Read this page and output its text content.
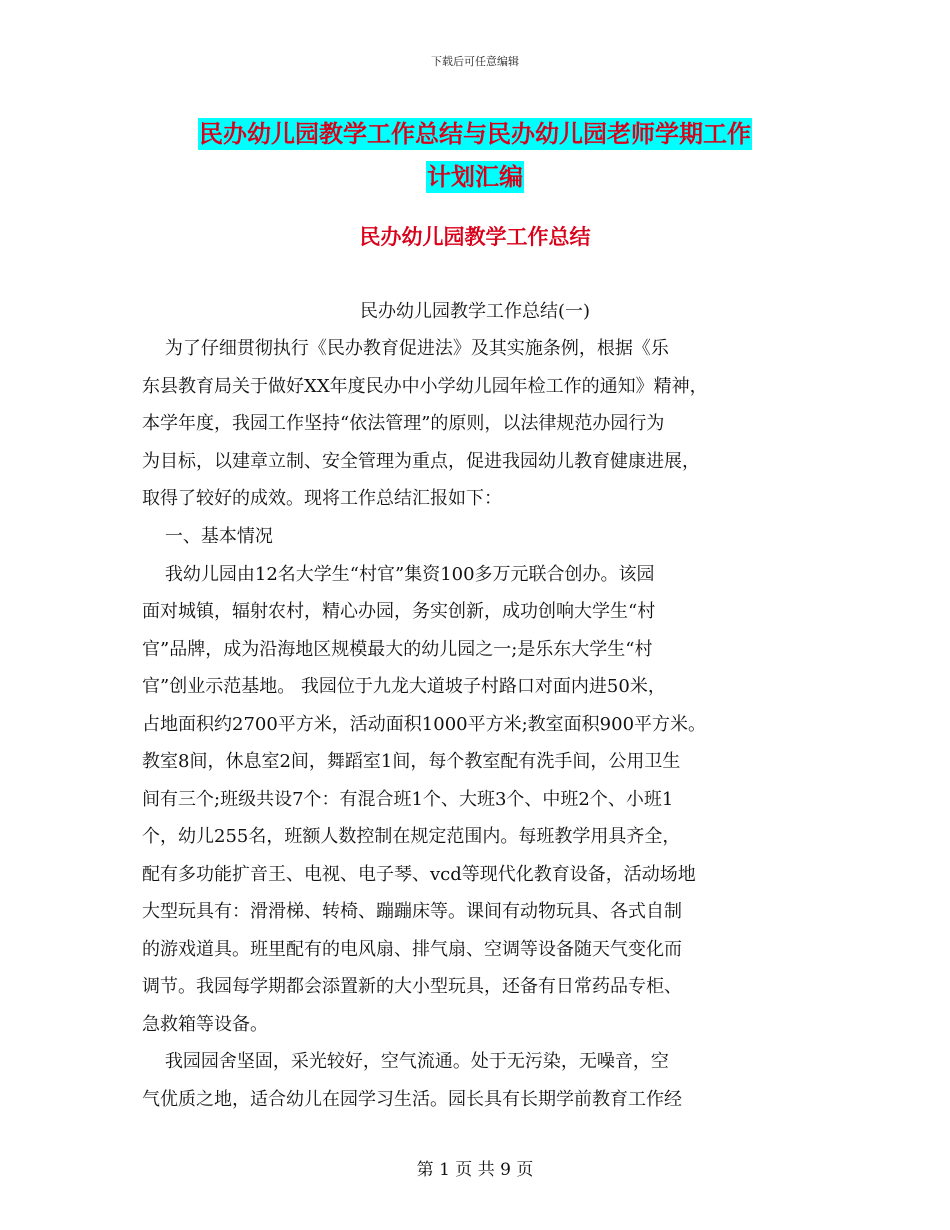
下载后可任意编辑
民办幼儿园教学工作总结与民办幼儿园老师学期工作
计划汇编
民办幼儿园教学工作总结
民办幼儿园教学工作总结(一)
为了仔细贯彻执行《民办教育促进法》及其实施条例，根据《乐
东县教育局关于做好XX年度民办中小学幼儿园年检工作的通知》精神，
本学年度，我园工作坚持“依法管理”的原则，以法律规范办园行为
为目标，以建章立制、安全管理为重点，促进我园幼儿教育健康进展，
取得了较好的成效。现将工作总结汇报如下：
一、基本情况
我幼儿园由12名大学生“村官”集资100多万元联合创办。该园
面对城镇，辐射农村，精心办园，务实创新，成功创响大学生“村
官”品牌，成为沿海地区规模最大的幼儿园之一;是乐东大学生“村
官”创业示范基地。 我园位于九龙大道坡子村路口对面内进50米，
占地面积约2700平方米，活动面积1000平方米;教室面积900平方米。
教室8间，休息室2间，舞蹈室1间，每个教室配有洗手间，公用卫生
间有三个;班级共设7个：有混合班1个、大班3个、中班2个、小班1
个，幼儿255名，班额人数控制在规定范围内。每班教学用具齐全，
配有多功能扩音王、电视、电子琴、vcd等现代化教育设备，活动场地
大型玩具有：滑滑梯、转椅、蹦蹦床等。课间有动物玩具、各式自制
的游戏道具。班里配有的电风扇、排气扇、空调等设备随天气变化而
调节。我园每学期都会添置新的大小型玩具，还备有日常药品专柜、
急救箱等设备。
我园园舍坚固，采光较好，空气流通。处于无污染，无噪音，空
气优质之地，适合幼儿在园学习生活。园长具有长期学前教育工作经
第 1 页 共 9 页
